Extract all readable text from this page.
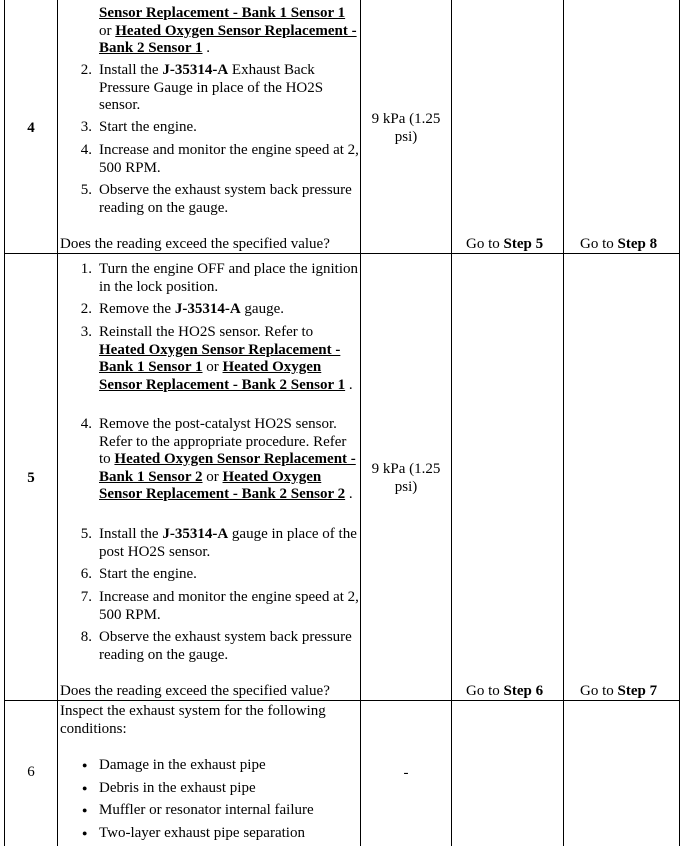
4
Sensor Replacement - Bank 1 Sensor 1 or Heated Oxygen Sensor Replacement - Bank 2 Sensor 1 .
2. Install the J-35314-A Exhaust Back Pressure Gauge in place of the HO2S sensor.
3. Start the engine.
4. Increase and monitor the engine speed at 2, 500 RPM.
5. Observe the exhaust system back pressure reading on the gauge.
Does the reading exceed the specified value?
9 kPa (1.25 psi)
Go to Step 5 Go to Step 8
5
1. Turn the engine OFF and place the ignition in the lock position.
2. Remove the J-35314-A gauge.
3. Reinstall the HO2S sensor. Refer to Heated Oxygen Sensor Replacement - Bank 1 Sensor 1 or Heated Oxygen Sensor Replacement - Bank 2 Sensor 1 .
4. Remove the post-catalyst HO2S sensor. Refer to the appropriate procedure. Refer to Heated Oxygen Sensor Replacement - Bank 1 Sensor 2 or Heated Oxygen Sensor Replacement - Bank 2 Sensor 2 .
5. Install the J-35314-A gauge in place of the post HO2S sensor.
6. Start the engine.
7. Increase and monitor the engine speed at 2, 500 RPM.
8. Observe the exhaust system back pressure reading on the gauge.
Does the reading exceed the specified value?
9 kPa (1.25 psi)
Go to Step 6 Go to Step 7
6
Inspect the exhaust system for the following conditions:
● Damage in the exhaust pipe
● Debris in the exhaust pipe
● Muffler or resonator internal failure
● Two-layer exhaust pipe separation
-
